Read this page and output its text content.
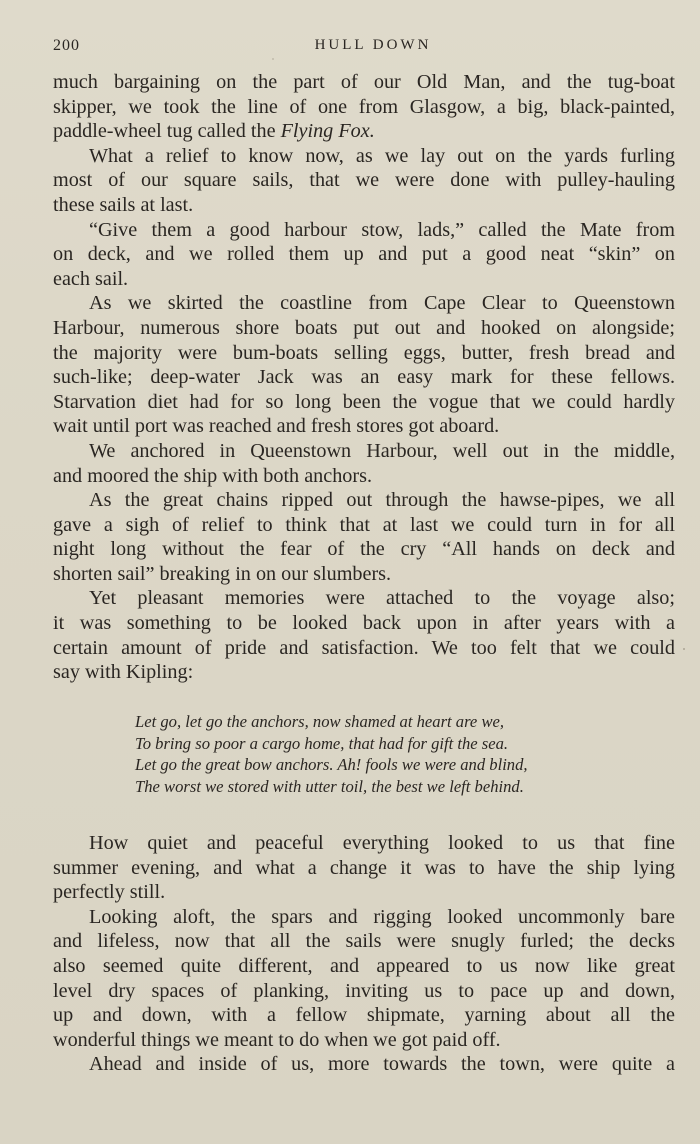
200	HULL DOWN
much bargaining on the part of our Old Man, and the tug-boat
skipper, we took the line of one from Glasgow, a big, black-painted,
paddle-wheel tug called the Flying Fox.
What a relief to know now, as we lay out on the yards furling
most of our square sails, that we were done with pulley-hauling
these sails at last.
“Give them a good harbour stow, lads,” called the Mate from
on deck, and we rolled them up and put a good neat “skin” on
each sail.
As we skirted the coastline from Cape Clear to Queenstown
Harbour, numerous shore boats put out and hooked on alongside;
the majority were bum-boats selling eggs, butter, fresh bread and
such-like; deep-water Jack was an easy mark for these fellows.
Starvation diet had for so long been the vogue that we could hardly
wait until port was reached and fresh stores got aboard.
We anchored in Queenstown Harbour, well out in the middle,
and moored the ship with both anchors.
As the great chains ripped out through the hawse-pipes, we all
gave a sigh of relief to think that at last we could turn in for all
night long without the fear of the cry “All hands on deck and
shorten sail” breaking in on our slumbers.
Yet pleasant memories were attached to the voyage also;
it was something to be looked back upon in after years with a
certain amount of pride and satisfaction. We too felt that we could
say with Kipling:
Let go, let go the anchors, now shamed at heart are we,
To bring so poor a cargo home, that had for gift the sea.
Let go the great bow anchors. Ah! fools we were and blind,
The worst we stored with utter toil, the best we left behind.
How quiet and peaceful everything looked to us that fine
summer evening, and what a change it was to have the ship lying
perfectly still.
Looking aloft, the spars and rigging looked uncommonly bare
and lifeless, now that all the sails were snugly furled; the decks
also seemed quite different, and appeared to us now like great
level dry spaces of planking, inviting us to pace up and down,
up and down, with a fellow shipmate, yarning about all the
wonderful things we meant to do when we got paid off.
Ahead and inside of us, more towards the town, were quite a
